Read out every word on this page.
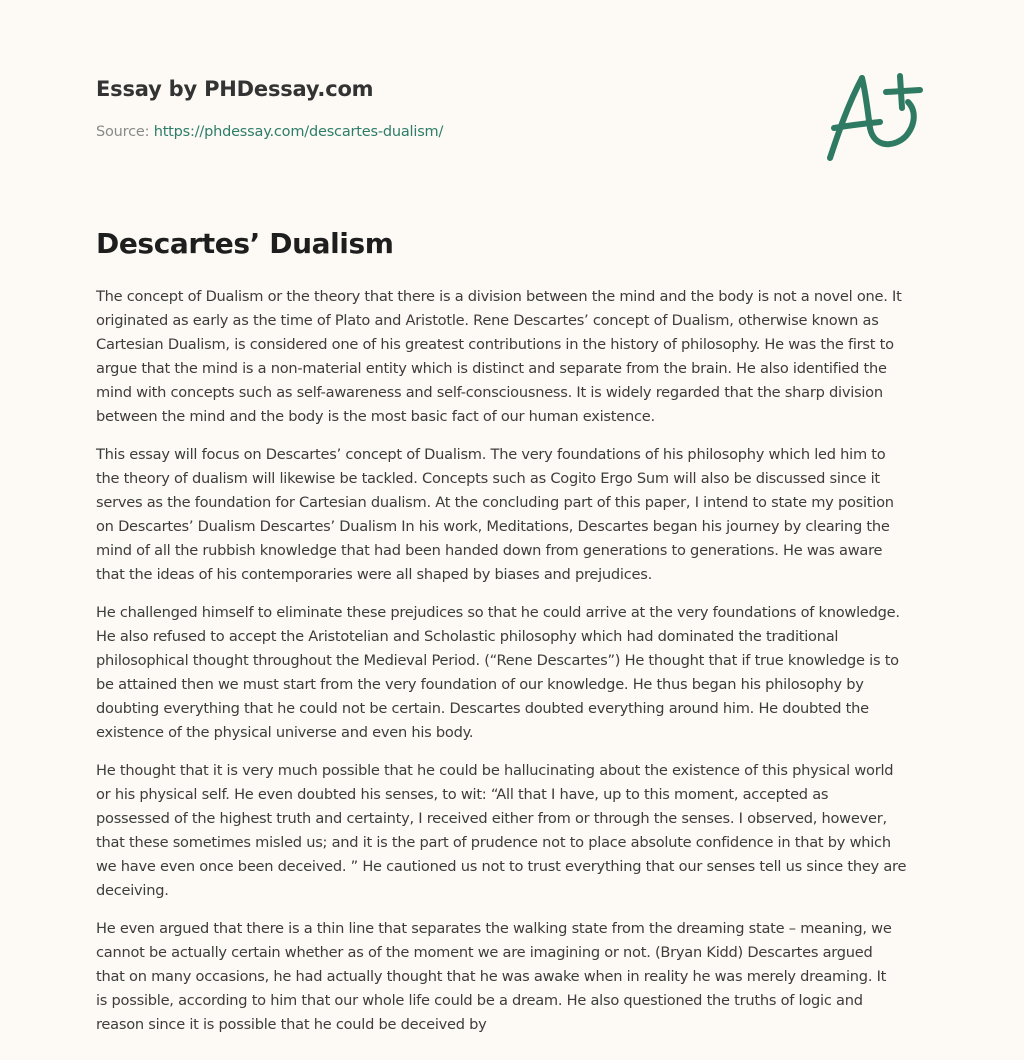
Essay by PHDessay.com
Source: https://phdessay.com/descartes-dualism/
Descartes’ Dualism

The concept of Dualism or the theory that there is a division between the mind and the body is not a novel one. It
originated as early as the time of Plato and Aristotle. Rene Descartes’ concept of Dualism, otherwise known as
Cartesian Dualism, is considered one of his greatest contributions in the history of philosophy. He was the first to
argue that the mind is a non-material entity which is distinct and separate from the brain. He also identified the
mind with concepts such as self-awareness and self-consciousness. It is widely regarded that the sharp division
between the mind and the body is the most basic fact of our human existence.

This essay will focus on Descartes’ concept of Dualism. The very foundations of his philosophy which led him to
the theory of dualism will likewise be tackled. Concepts such as Cogito Ergo Sum will also be discussed since it
serves as the foundation for Cartesian dualism. At the concluding part of this paper, I intend to state my position
on Descartes’ Dualism Descartes’ Dualism In his work, Meditations, Descartes began his journey by clearing the
mind of all the rubbish knowledge that had been handed down from generations to generations. He was aware
that the ideas of his contemporaries were all shaped by biases and prejudices.

He challenged himself to eliminate these prejudices so that he could arrive at the very foundations of knowledge.
He also refused to accept the Aristotelian and Scholastic philosophy which had dominated the traditional
philosophical thought throughout the Medieval Period. (“Rene Descartes”) He thought that if true knowledge is to
be attained then we must start from the very foundation of our knowledge. He thus began his philosophy by
doubting everything that he could not be certain. Descartes doubted everything around him. He doubted the
existence of the physical universe and even his body.

He thought that it is very much possible that he could be hallucinating about the existence of this physical world
or his physical self. He even doubted his senses, to wit: “All that I have, up to this moment, accepted as
possessed of the highest truth and certainty, I received either from or through the senses. I observed, however,
that these sometimes misled us; and it is the part of prudence not to place absolute confidence in that by which
we have even once been deceived. ” He cautioned us not to trust everything that our senses tell us since they are
deceiving.

He even argued that there is a thin line that separates the walking state from the dreaming state – meaning, we
cannot be actually certain whether as of the moment we are imagining or not. (Bryan Kidd) Descartes argued
that on many occasions, he had actually thought that he was awake when in reality he was merely dreaming. It
is possible, according to him that our whole life could be a dream. He also questioned the truths of logic and
reason since it is possible that he could be deceived by
